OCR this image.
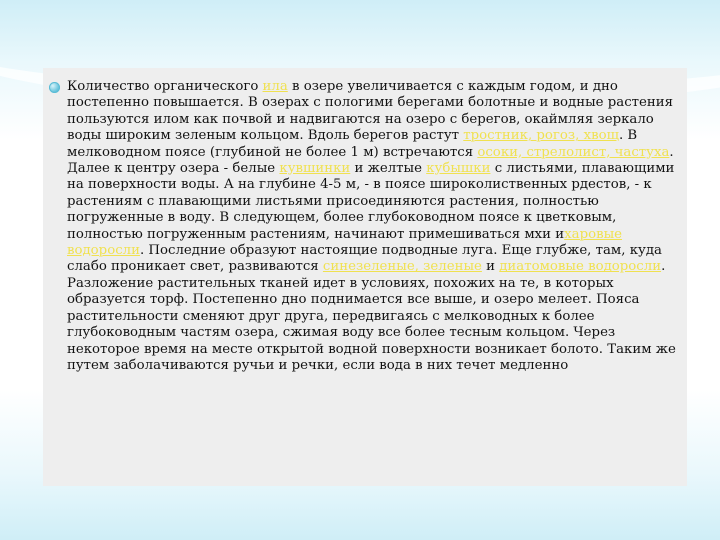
Количество органического ила в озере увеличивается с каждым годом, и дно постепенно повышается. В озерах с пологими берегами болотные и водные растения пользуются илом как почвой и надвигаются на озеро с берегов, окаймляя зеркало воды широким зеленым кольцом. Вдоль берегов растут тростник, рогоз, хвощ. В мелководном поясе (глубиной не более 1 м) встречаются осоки, стрелолист, частуха. Далее к центру озера - белые кувшинки и желтые кубышки с листьями, плавающими на поверхности воды. А на глубине 4-5 м, - в поясе широколиственных рдестов, - к растениям с плавающими листьями присоединяются растения, полностью погруженные в воду. В следующем, более глубоководном поясе к цветковым, полностью погруженным растениям, начинают примешиваться мхи ихаровые водоросли. Последние образуют настоящие подводные луга. Еще глубже, там, куда слабо проникает свет, развиваются синезеленые, зеленые и диатомовые водоросли. Разложение растительных тканей идет в условиях, похожих на те, в которых образуется торф. Постепенно дно поднимается все выше, и озеро мелеет. Пояса растительности сменяют друг друга, передвигаясь с мелководных к более глубоководным частям озера, сжимая воду все более тесным кольцом. Через некоторое время на месте открытой водной поверхности возникает болото. Таким же путем заболачиваются ручьи и речки, если вода в них течет медленно
